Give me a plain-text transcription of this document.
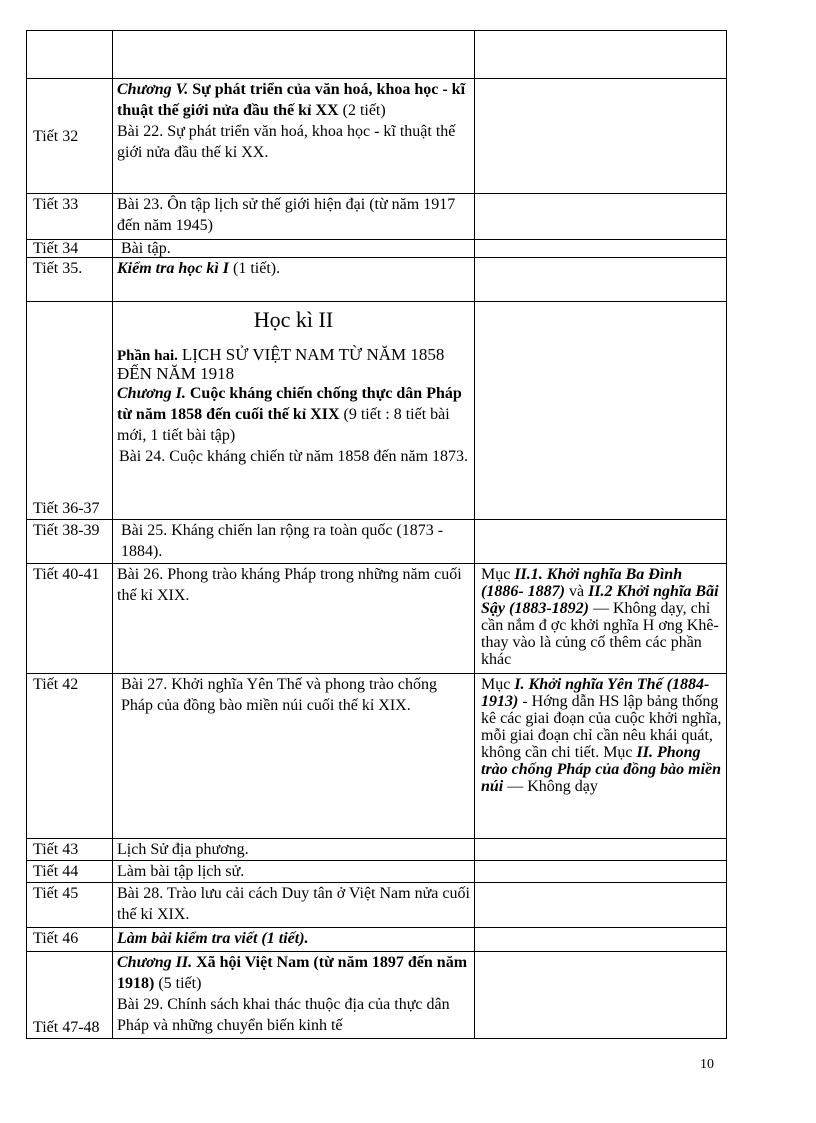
Tiết 32	Chương V. Sự phát triển của văn hoá, khoa học - kĩ thuật thế giới nửa đầu thế kỉ XX (2 tiết)
Bài 22. Sự phát triển văn hoá, khoa học - kĩ thuật thế giới nửa đầu thế kỉ XX.	
Tiết 33	Bài 23. Ôn tập lịch sử thế giới hiện đại (từ năm 1917 đến năm 1945)	
Tiết 34	Bài tập.	
Tiết 35.	Kiểm tra học kì I (1 tiết).	
Tiết 36-37	Học kì II
Phần hai. LỊCH SỬ VIỆT NAM TỪ NĂM 1858 ĐẾN NĂM 1918
Chương I. Cuộc kháng chiến chống thực dân Pháp từ năm 1858 đến cuối thế kỉ XIX (9 tiết : 8 tiết bài mới, 1 tiết bài tập)
Bài 24. Cuộc kháng chiến từ năm 1858 đến năm 1873.	

Tiết 38-39	Bài 25. Kháng chiến lan rộng ra toàn quốc (1873 - 1884).	
Tiết 40-41	Bài 26. Phong trào kháng Pháp trong những năm cuối thế kỉ XIX.	Mục II.1. Khởi nghĩa Ba Đình (1886- 1887) và II.2 Khởi nghĩa Bãi Sậy (1883-1892) — Không dạy, chỉ cần nắm đ ợc khởi nghĩa H ơng Khê- thay vào là củng cố thêm các phần khác
Tiết 42	Bài 27. Khởi nghĩa Yên Thế và phong trào chống Pháp của đồng bào miền núi cuối thế kỉ XIX.	Mục I. Khởi nghĩa Yên Thế (1884-1913) - Hớng dẫn HS lập bảng thống kê các giai đoạn của cuộc khởi nghĩa, mỗi giai đoạn chỉ cần nêu khái quát, không cần chi tiết. Mục II. Phong trào chống Pháp của đồng bào miền núi — Không dạy
Tiết 43	Lịch Sử địa phương.	
Tiết 44	Làm bài tập lịch sử.	
Tiết 45	Bài 28. Trào lưu cải cách Duy tân ở Việt Nam nửa cuối thế kỉ XIX.	
Tiết 46	Làm bài kiểm tra viết (1 tiết).	
Tiết 47-48	Chương II. Xã hội Việt Nam (từ năm 1897 đến năm 1918) (5 tiết)
Bài 29. Chính sách khai thác thuộc địa của thực dân Pháp và những chuyển biến kinh tế	
10
